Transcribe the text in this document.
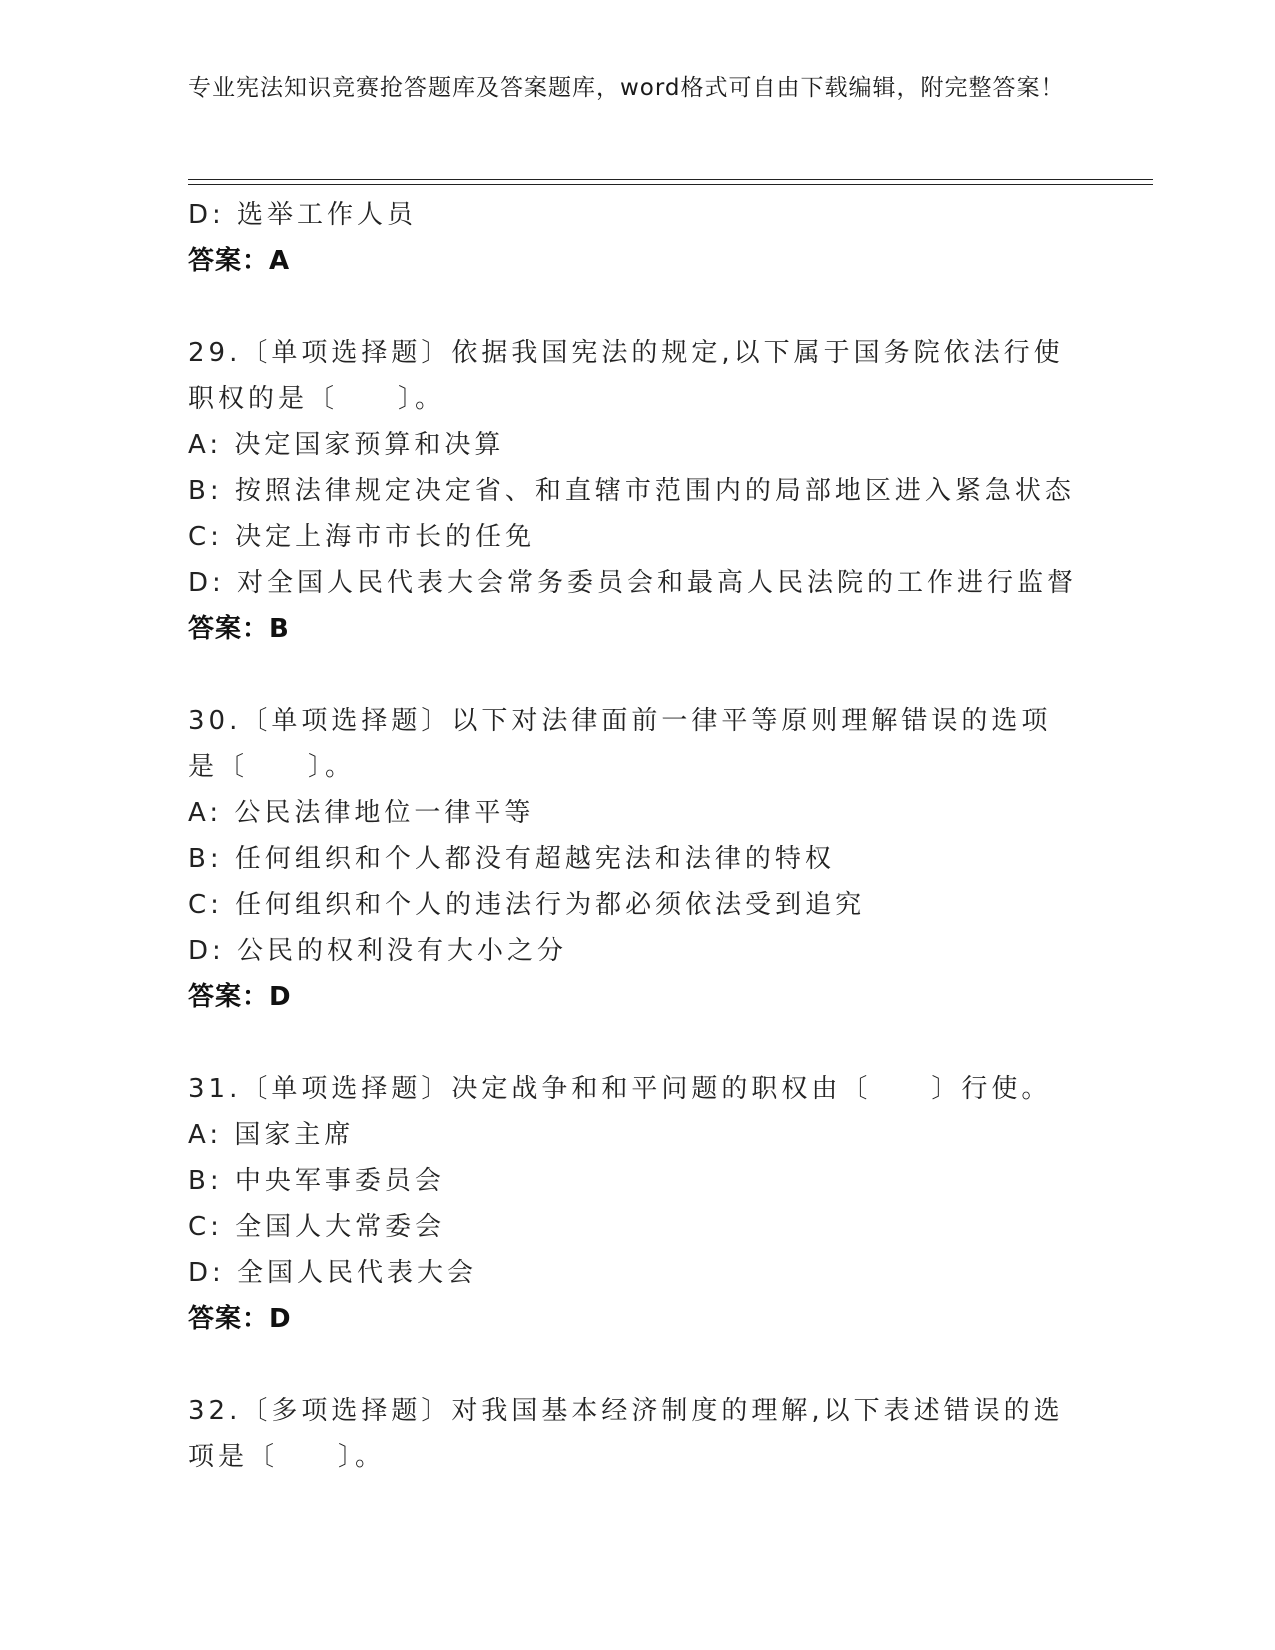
专业宪法知识竞赛抢答题库及答案题库，word格式可自由下载编辑，附完整答案！
D: 选举工作人员
答案：A
29.〔单项选择题〕依据我国宪法的规定,以下属于国务院依法行使职权的是〔　　〕。
A: 决定国家预算和决算
B: 按照法律规定决定省、和直辖市范围内的局部地区进入紧急状态
C: 决定上海市市长的任免
D: 对全国人民代表大会常务委员会和最高人民法院的工作进行监督
答案：B
30.〔单项选择题〕以下对法律面前一律平等原则理解错误的选项是〔　　〕。
A: 公民法律地位一律平等
B: 任何组织和个人都没有超越宪法和法律的特权
C: 任何组织和个人的违法行为都必须依法受到追究
D: 公民的权利没有大小之分
答案：D
31.〔单项选择题〕决定战争和和平问题的职权由〔　　〕行使。
A: 国家主席
B: 中央军事委员会
C: 全国人大常委会
D: 全国人民代表大会
答案：D
32.〔多项选择题〕对我国基本经济制度的理解,以下表述错误的选项是〔　　〕。
